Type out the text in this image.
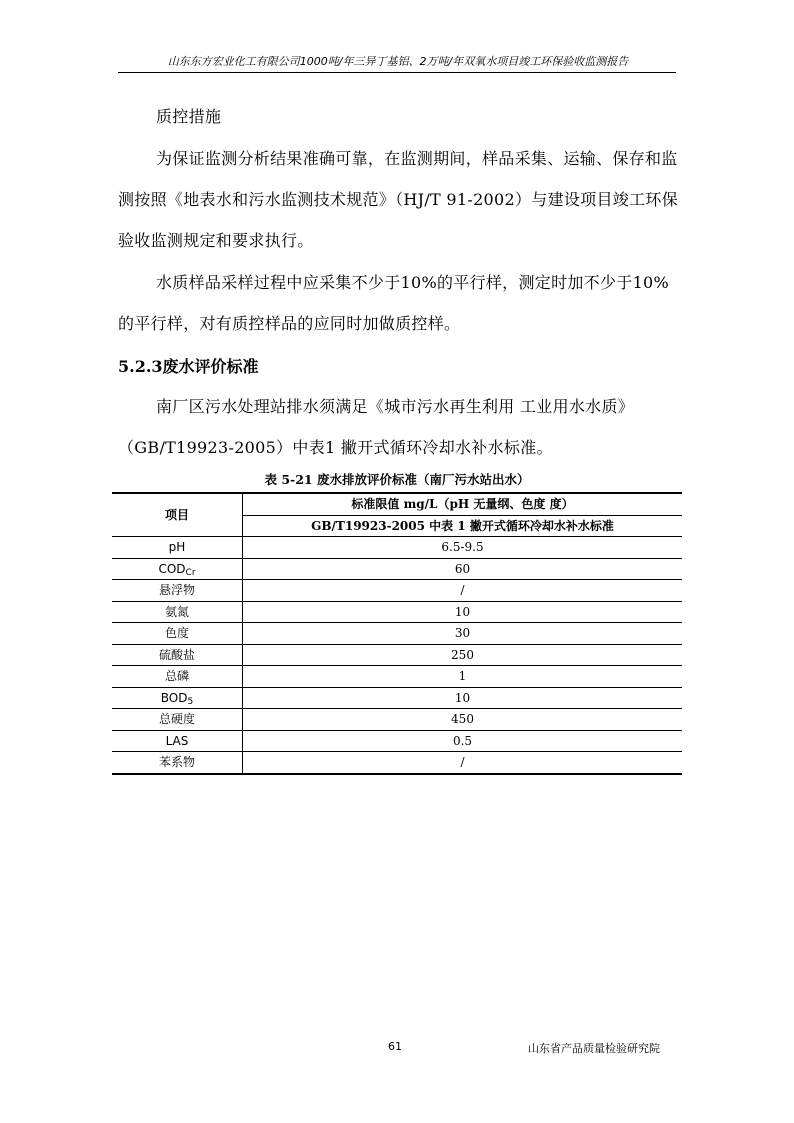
山东东方宏业化工有限公司1000吨/年三异丁基铝、2万吨/年双氧水项目竣工环保验收监测报告
质控措施
为保证监测分析结果准确可靠，在监测期间，样品采集、运输、保存和监测按照《地表水和污水监测技术规范》（HJ/T 91-2002）与建设项目竣工环保验收监测规定和要求执行。
水质样品采样过程中应采集不少于10%的平行样，测定时加不少于10%的平行样，对有质控样品的应同时加做质控样。
5.2.3废水评价标准
南厂区污水处理站排水须满足《城市污水再生利用 工业用水水质》（GB/T19923-2005）中表1 撇开式循环冷却水补水标准。
表 5-21 废水排放评价标准（南厂污水站出水）
项目	标准限值 mg/L（pH 无量纲、色度 度）
	GB/T19923-2005 中表 1 撇开式循环冷却水补水标准
pH	6.5-9.5
$COD_{Cr}$	60
悬浮物	/
氨氮	10
色度	30
硫酸盐	250
总磷	1
$BOD_5$	10
总硬度	450
LAS	0.5
苯系物	/
61	山东省产品质量检验研究院
